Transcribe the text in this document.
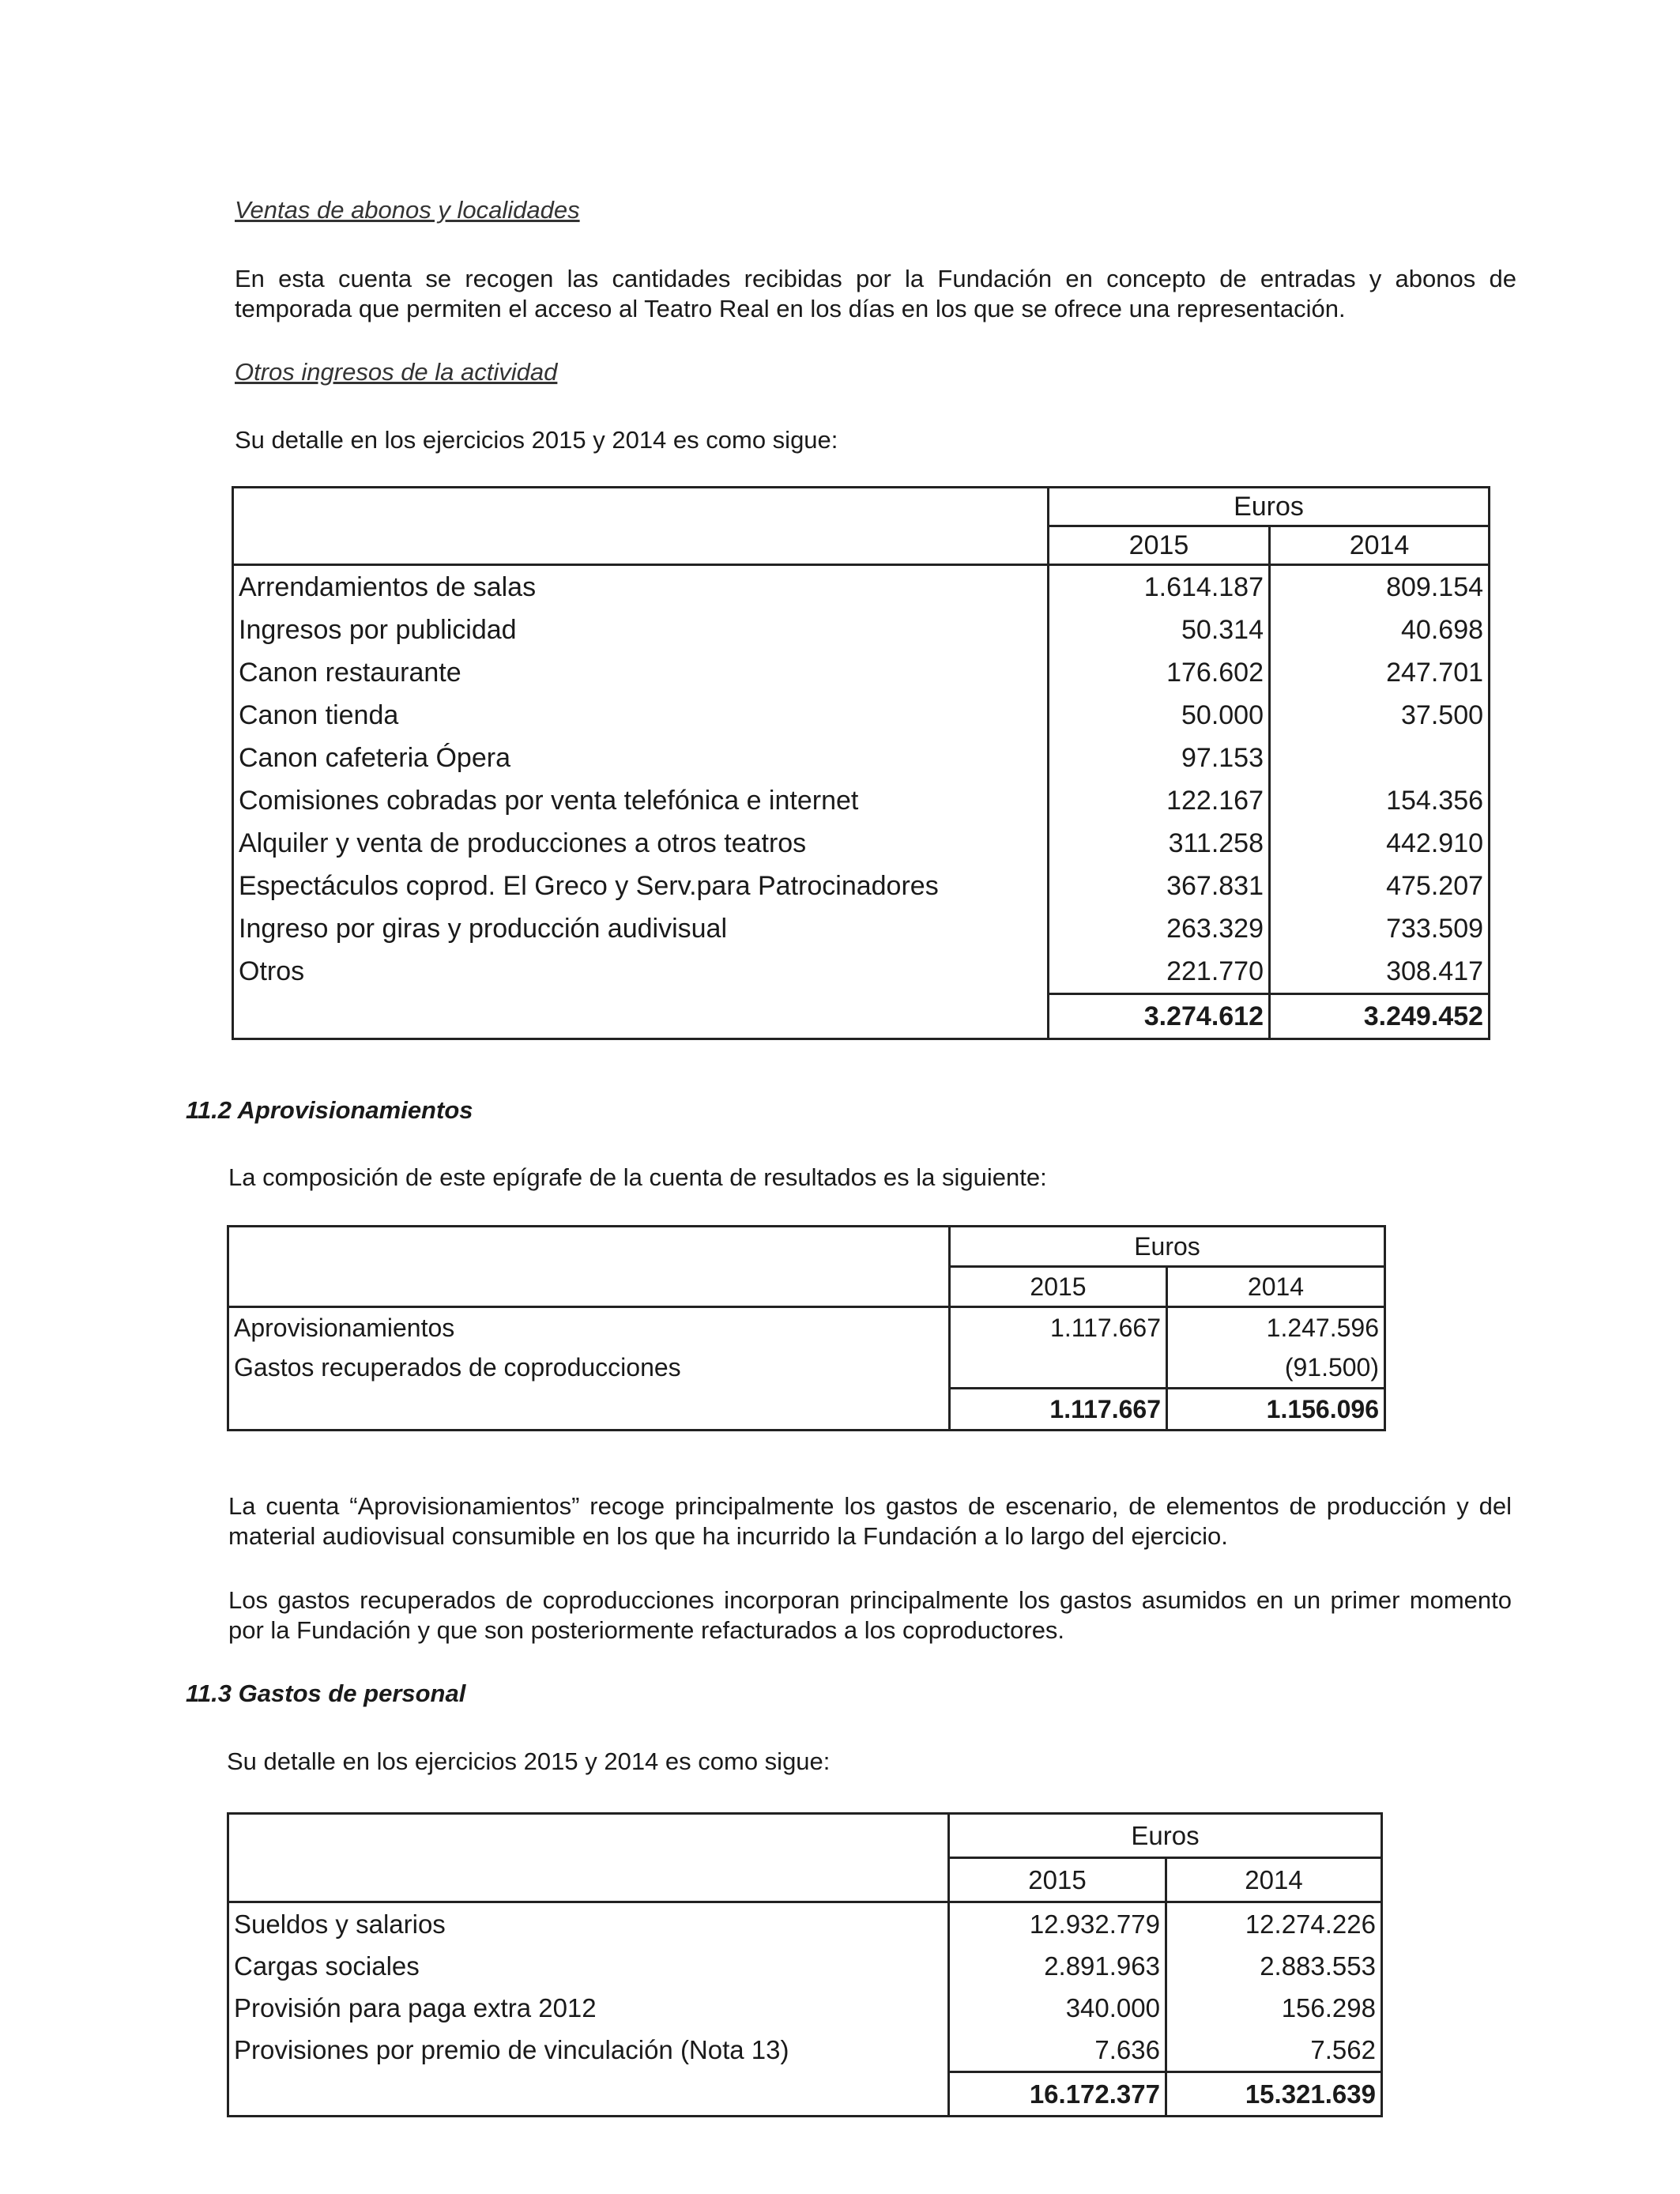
Ventas de abonos y localidades

En esta cuenta se recogen las cantidades recibidas por la Fundación en concepto de entradas y abonos de temporada que permiten el acceso al Teatro Real en los días en los que se ofrece una representación.

Otros ingresos de la actividad

Su detalle en los ejercicios 2015 y 2014 es como sigue:

	Euros	
	2015	2014
Arrendamientos de salas	1.614.187	809.154
Ingresos por publicidad	50.314	40.698
Canon restaurante	176.602	247.701
Canon tienda	50.000	37.500
Canon cafeteria Ópera	97.153	
Comisiones cobradas por venta telefónica e internet	122.167	154.356
Alquiler y venta de producciones a otros teatros	311.258	442.910
Espectáculos coprod. El Greco y Serv.para Patrocinadores	367.831	475.207
Ingreso por giras y producción audivisual	263.329	733.509
Otros	221.770	308.417
	3.274.612	3.249.452
11.2 Aprovisionamientos

La composición de este epígrafe de la cuenta de resultados es la siguiente:

	Euros	
	2015	2014
Aprovisionamientos	1.117.667	1.247.596
Gastos recuperados de coproducciones		(91.500)
	1.117.667	1.156.096

La cuenta “Aprovisionamientos” recoge principalmente los gastos de escenario, de elementos de producción y del material audiovisual consumible en los que ha incurrido la Fundación a lo largo del ejercicio.

Los gastos recuperados de coproducciones incorporan principalmente los gastos asumidos en un primer momento por la Fundación y que son posteriormente refacturados a los coproductores.

11.3 Gastos de personal

Su detalle en los ejercicios 2015 y 2014 es como sigue:

	Euros	
	2015	2014
Sueldos y salarios	12.932.779	12.274.226
Cargas sociales	2.891.963	2.883.553
Provisión para paga extra 2012	340.000	156.298
Provisiones por premio de vinculación (Nota 13)	7.636	7.562
	16.172.377	15.321.639
